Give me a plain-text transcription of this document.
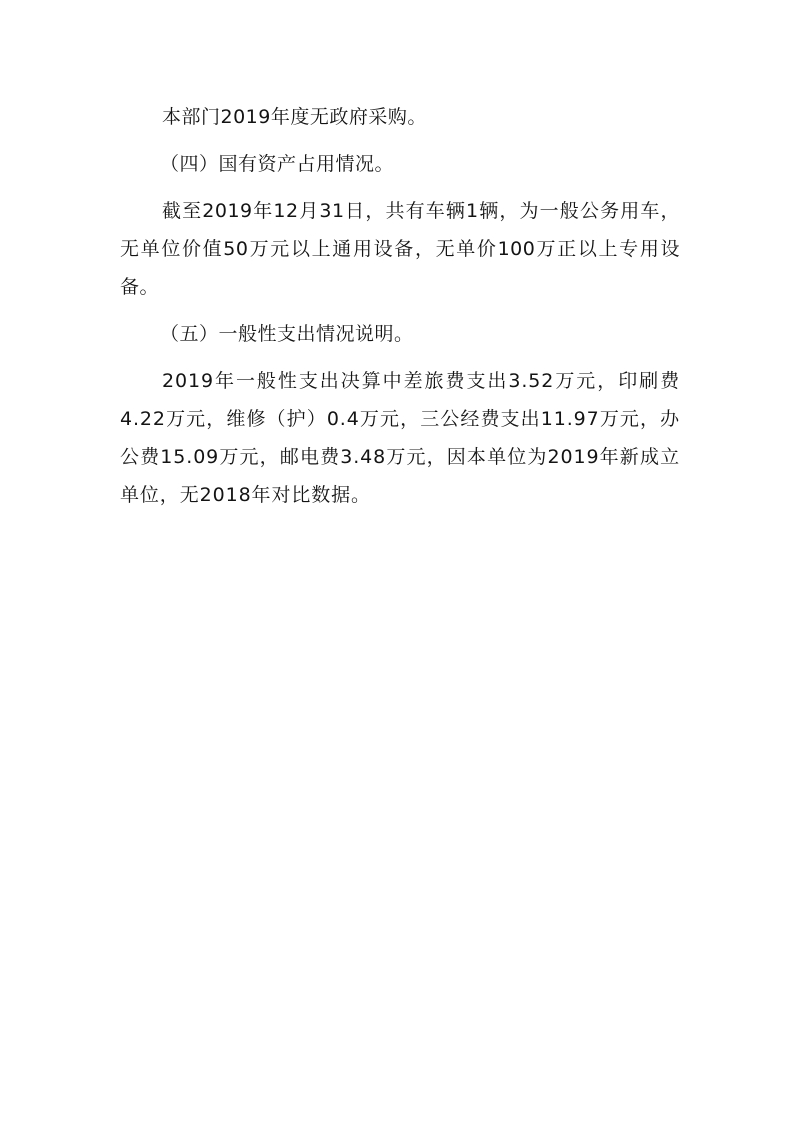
本部门2019年度无政府采购。

（四）国有资产占用情况。

截至2019年12月31日，共有车辆1辆，为一般公务用车，无单位价值50万元以上通用设备，无单价100万正以上专用设备。

（五）一般性支出情况说明。

2019年一般性支出决算中差旅费支出3.52万元，印刷费4.22万元，维修（护）0.4万元，三公经费支出11.97万元，办公费15.09万元，邮电费3.48万元，因本单位为2019年新成立单位，无2018年对比数据。
